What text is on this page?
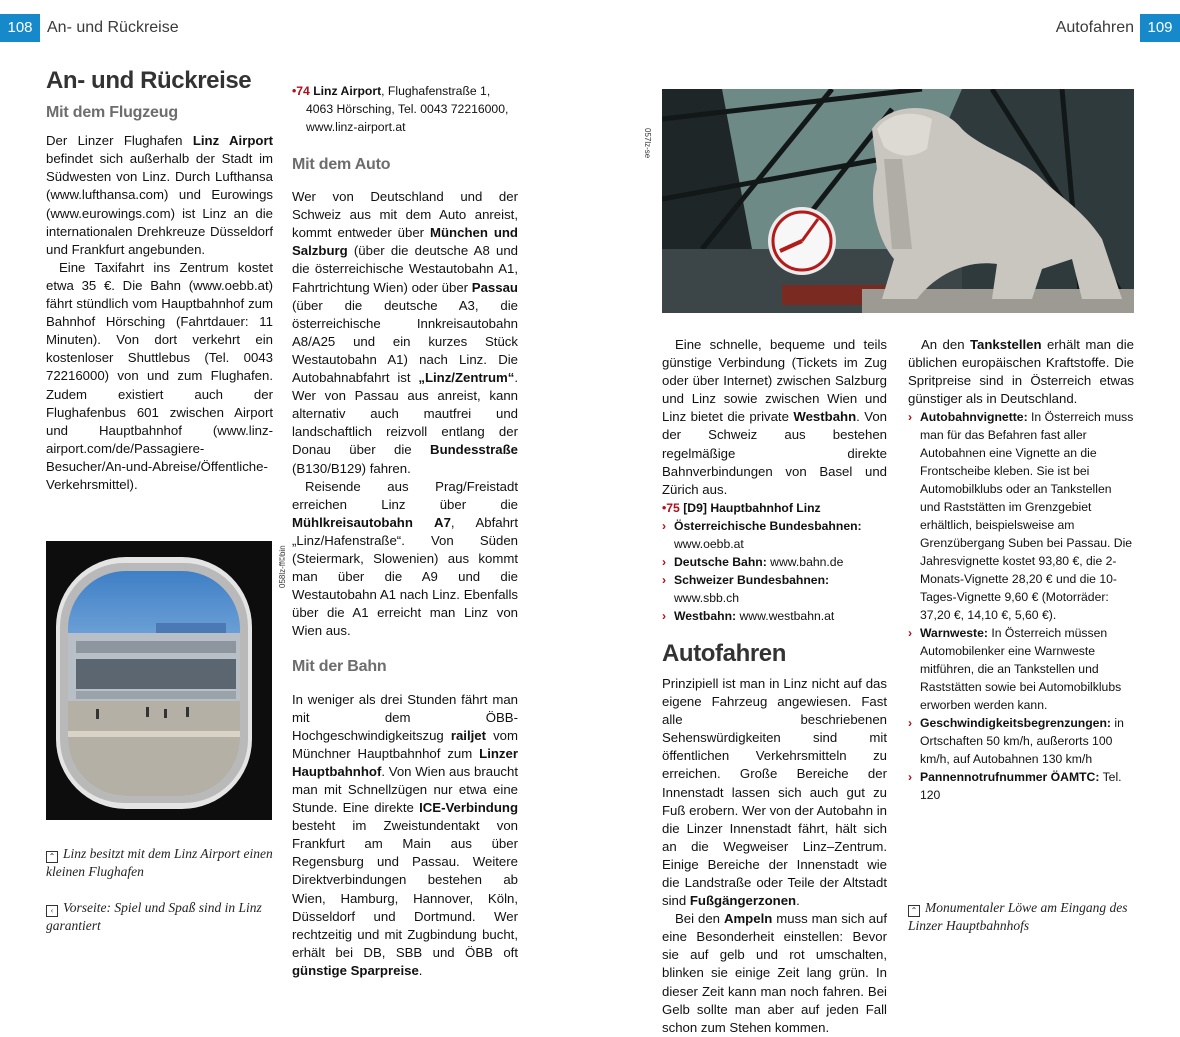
108 An- und Rückreise
An- und Rückreise
Mit dem Flugzeug

Der Linzer Flughafen Linz Airport befindet sich außerhalb der Stadt im Südwesten von Linz. Durch Lufthansa (www.lufthansa.com) und Eurowings (www.eurowings.com) ist Linz an die internationalen Drehkreuze Düsseldorf und Frankfurt angebunden.

Eine Taxifahrt ins Zentrum kostet etwa 35 €. Die Bahn (www.oebb.at) fährt stündlich vom Hauptbahnhof zum Bahnhof Hörsching (Fahrtdauer: 11 Minuten). Von dort verkehrt ein kostenloser Shuttlebus (Tel. 0043 72216000) von und zum Flughafen. Zudem existiert auch der Flughafenbus 601 zwischen Airport und Hauptbahnhof (www.linz-airport.com/de/Passagiere-Besucher/An-und-Abreise/Öffentliche-Verkehrsmittel).

058lz-ff©bin
⌃ Linz besitzt mit dem Linz Airport einen kleinen Flughafen
‹ Vorseite: Spiel und Spaß sind in Linz garantiert
•74 Linz Airport, Flughafenstraße 1, 4063 Hörsching, Tel. 0043 72216000, www.linz-airport.at
Mit dem Auto

Wer von Deutschland und der Schweiz aus mit dem Auto anreist, kommt entweder über München und Salzburg (über die deutsche A8 und die österreichische Westautobahn A1, Fahrtrichtung Wien) oder über Passau (über die deutsche A3, die österreichische Innkreisautobahn A8/A25 und ein kurzes Stück Westautobahn A1) nach Linz. Die Autobahnabfahrt ist „Linz/Zentrum“. Wer von Passau aus anreist, kann alternativ auch mautfrei und landschaftlich reizvoll entlang der Donau über die Bundesstraße (B130/B129) fahren.

Reisende aus Prag/Freistadt erreichen Linz über die Mühlkreisautobahn A7, Abfahrt „Linz/Hafenstraße“. Von Süden (Steiermark, Slowenien) aus kommt man über die A9 und die Westautobahn A1 nach Linz. Ebenfalls über die A1 erreicht man Linz von Wien aus.

Mit der Bahn

In weniger als drei Stunden fährt man mit dem ÖBB-Hochgeschwindigkeitszug railjet vom Münchner Hauptbahnhof zum Linzer Hauptbahnhof. Von Wien aus braucht man mit Schnellzügen nur etwa eine Stunde. Eine direkte ICE-Verbindung besteht im Zweistundentakt von Frankfurt am Main aus über Regensburg und Passau. Weitere Direktverbindungen bestehen ab Wien, Hamburg, Hannover, Köln, Düsseldorf und Dortmund. Wer rechtzeitig und mit Zugbindung bucht, erhält bei DB, SBB und ÖBB oft günstige Sparpreise.

Autofahren 109
057lz-se

Eine schnelle, bequeme und teils günstige Verbindung (Tickets im Zug oder über Internet) zwischen Salzburg und Linz sowie zwischen Wien und Linz bietet die private Westbahn. Von der Schweiz aus bestehen regelmäßige direkte Bahnverbindungen von Basel und Zürich aus.

•75 [D9] Hauptbahnhof Linz
› Österreichische Bundesbahnen:
www.oebb.at
› Deutsche Bahn: www.bahn.de
› Schweizer Bundesbahnen: www.sbb.ch
› Westbahn: www.westbahn.at
Autofahren

Prinzipiell ist man in Linz nicht auf das eigene Fahrzeug angewiesen. Fast alle beschriebenen Sehenswürdigkeiten sind mit öffentlichen Verkehrsmitteln zu erreichen. Große Bereiche der Innenstadt lassen sich auch gut zu Fuß erobern. Wer von der Autobahn in die Linzer Innenstadt fährt, hält sich an die Wegweiser Linz–Zentrum. Einige Bereiche der Innenstadt wie die Landstraße oder Teile der Altstadt sind Fußgängerzonen.

Bei den Ampeln muss man sich auf eine Besonderheit einstellen: Bevor sie auf gelb und rot umschalten, blinken sie einige Zeit lang grün. In dieser Zeit kann man noch fahren. Bei Gelb sollte man aber auf jeden Fall schon zum Stehen kommen.

An den Tankstellen erhält man die üblichen europäischen Kraftstoffe. Die Spritpreise sind in Österreich etwas günstiger als in Deutschland.

› Autobahnvignette: In Österreich muss man für das Befahren fast aller Autobahnen eine Vignette an die Frontscheibe kleben. Sie ist bei Automobilklubs oder an Tankstellen und Raststätten im Grenzgebiet erhältlich, beispielsweise am Grenzübergang Suben bei Passau. Die Jahresvignette kostet 93,80 €, die 2-Monats-Vignette 28,20 € und die 10-Tages-Vignette 9,60 € (Motorräder: 37,20 €, 14,10 €, 5,60 €).
› Warnweste: In Österreich müssen Automobilenker eine Warnweste mitführen, die an Tankstellen und Raststätten sowie bei Automobilklubs erworben werden kann.
› Geschwindigkeitsbegrenzungen: in Ortschaften 50 km/h, außerorts 100 km/h, auf Autobahnen 130 km/h
› Pannennotrufnummer ÖAMTC: Tel. 120
⌃ Monumentaler Löwe am Eingang des Linzer Hauptbahnhofs
